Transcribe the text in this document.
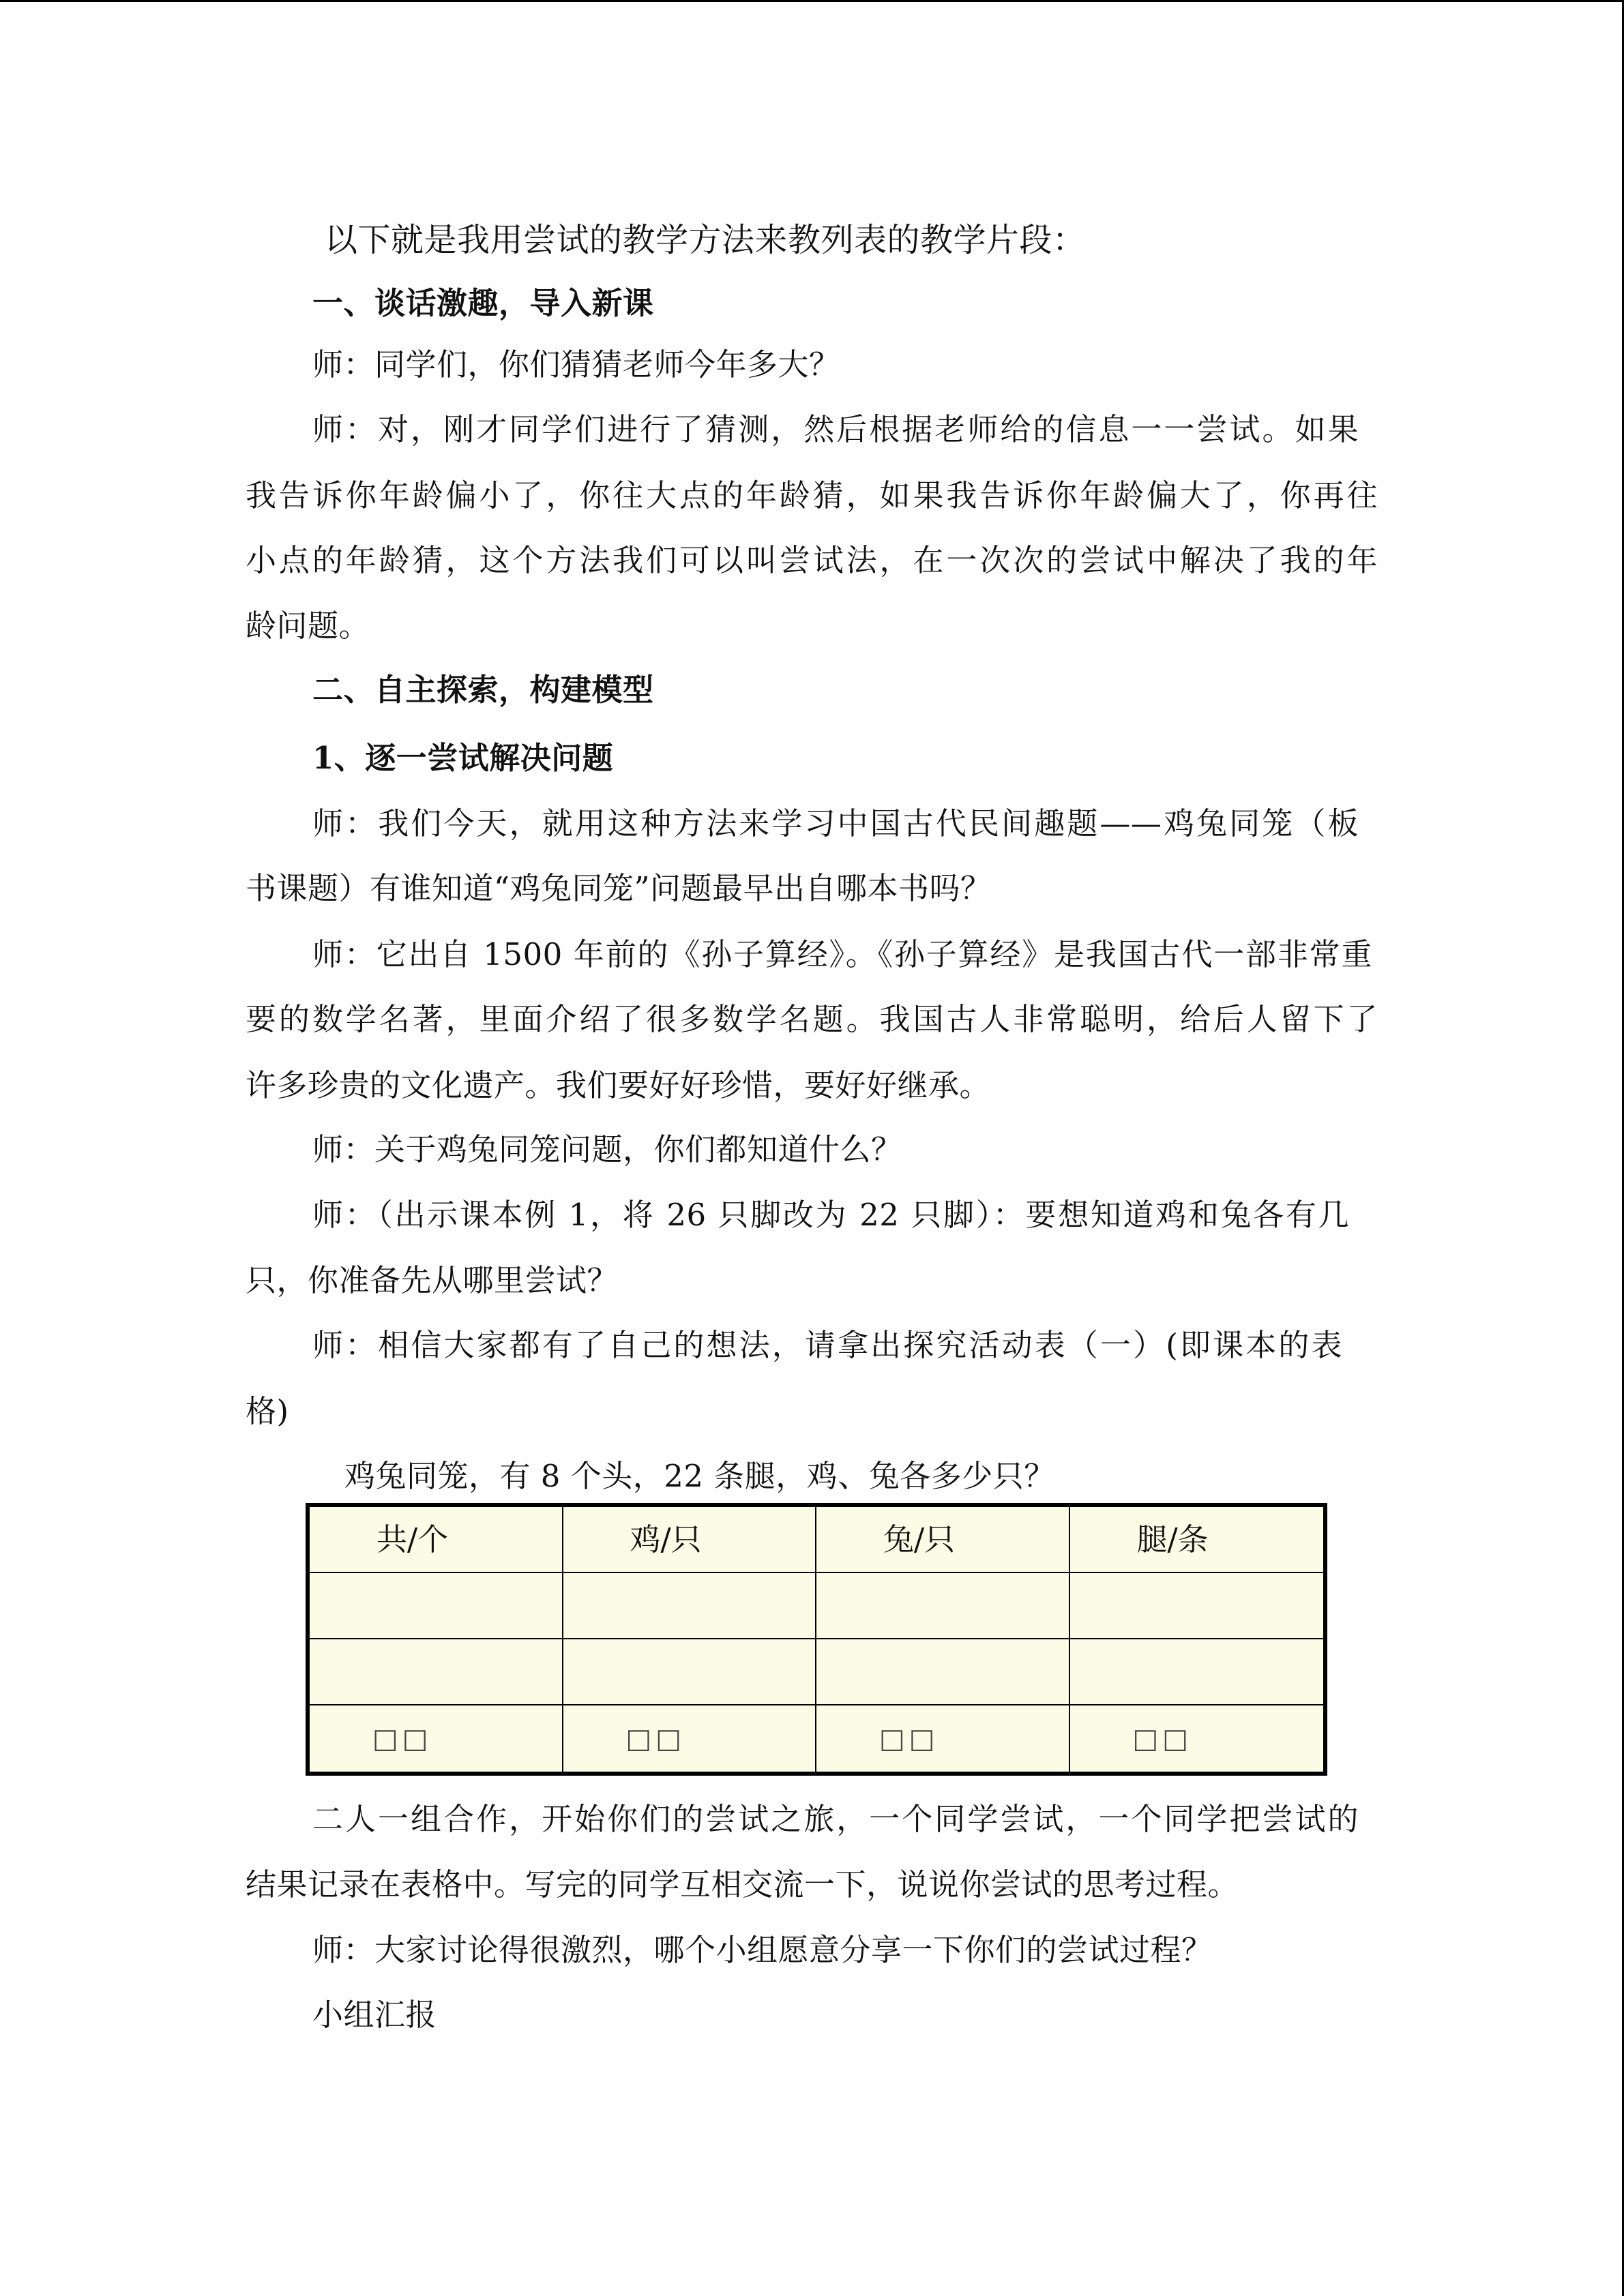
以下就是我用尝试的教学方法来教列表的教学片段：
一、谈话激趣，导入新课
师：同学们，你们猜猜老师今年多大？
师：对，刚才同学们进行了猜测，然后根据老师给的信息一一尝试。如果
我告诉你年龄偏小了，你往大点的年龄猜，如果我告诉你年龄偏大了，你再往
小点的年龄猜，这个方法我们可以叫尝试法，在一次次的尝试中解决了我的年
龄问题。
二、自主探索，构建模型
1、逐一尝试解决问题
师：我们今天，就用这种方法来学习中国古代民间趣题——鸡兔同笼（板
书课题）有谁知道“鸡兔同笼”问题最早出自哪本书吗？
师：它出自 1500 年前的《孙子算经》。《孙子算经》是我国古代一部非常重
要的数学名著，里面介绍了很多数学名题。我国古人非常聪明，给后人留下了
许多珍贵的文化遗产。我们要好好珍惜，要好好继承。
师：关于鸡兔同笼问题，你们都知道什么？
师：（出示课本例 1，将 26 只脚改为 22 只脚）：要想知道鸡和兔各有几
只，你准备先从哪里尝试？
师：相信大家都有了自己的想法，请拿出探究活动表（一）(即课本的表
格)
鸡兔同笼，有 8 个头，22 条腿，鸡、兔各多少只？
共/个	鸡/只	兔/只	腿/条
□□	□□	□□	□□
二人一组合作，开始你们的尝试之旅，一个同学尝试，一个同学把尝试的
结果记录在表格中。写完的同学互相交流一下，说说你尝试的思考过程。
师：大家讨论得很激烈，哪个小组愿意分享一下你们的尝试过程？
小组汇报
